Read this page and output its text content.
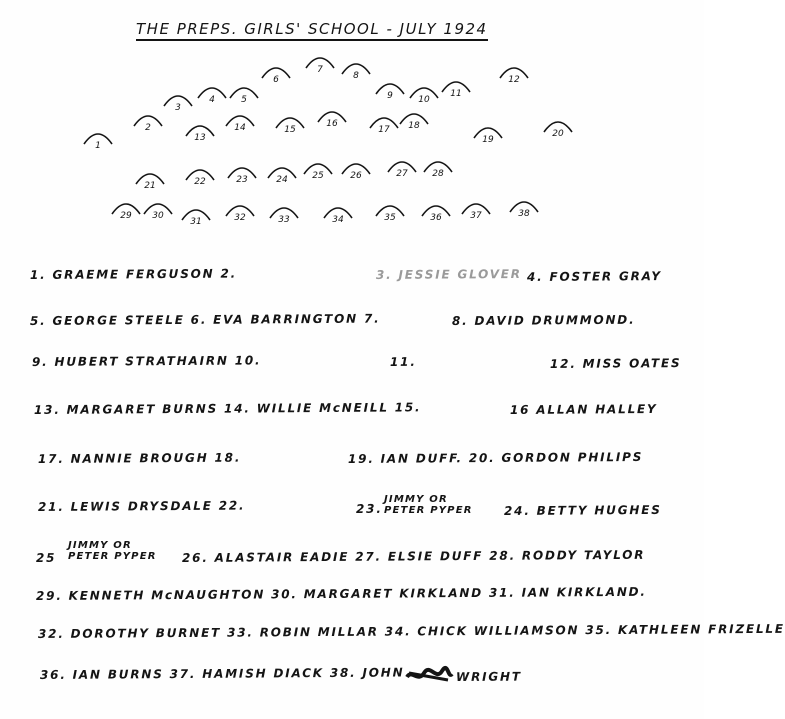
THE PREPS. GIRLS' SCHOOL - JULY 1924
1
2
3
4	5
6
7
8
9	10
11
12
13
14	15
16
17 18
19
20
21	22	23	24	25	26	27	28
29 30
31	32	33	34	35	36	37	38
1. GRAEME FERGUSON 2.	3. JESSIE GLOVER 4. FOSTER GRAY
5. GEORGE STEELE 6. EVA BARRINGTON 7.	8. DAVID DRUMMOND.
9. HUBERT STRATHAIRN 10.	11.	12. MISS OATES
13. MARGARET BURNS 14. WILLIE McNEILL 15.	16 ALLAN HALLEY
17. NANNIE BROUGH 18.	19. IAN DUFF. 20. GORDON PHILIPS
21. LEWIS DRYSDALE 22.	23.
JIMMY OR
PETER PYPER	24. BETTY HUGHES
25
JIMMY OR
PETER PYPER 26. ALASTAIR EADIE 27. ELSIE DUFF 28. RODDY TAYLOR
29. KENNETH McNAUGHTON 30. MARGARET KIRKLAND 31. IAN KIRKLAND.
32. DOROTHY BURNET 33. ROBIN MILLAR 34. CHICK WILLIAMSON 35. KATHLEEN FRIZELLE
36. IAN BURNS 37. HAMISH DIACK 38. JOHN	WRIGHT
